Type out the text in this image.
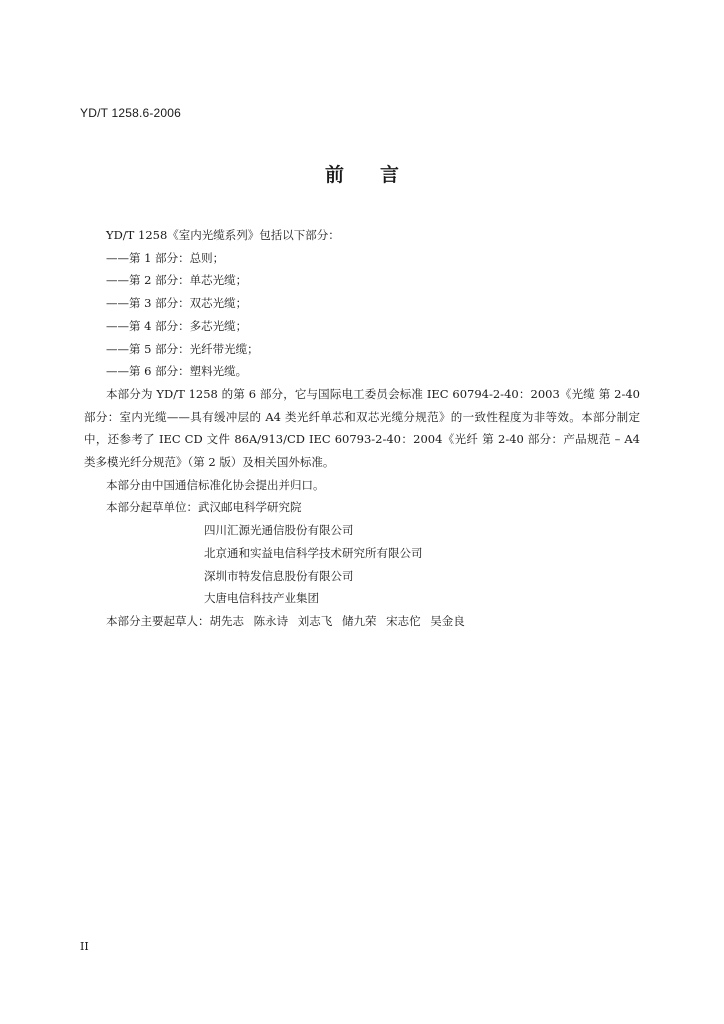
YD/T 1258.6-2006
前言
YD/T 1258《室内光缆系列》包括以下部分：
——第 1 部分：总则；
——第 2 部分：单芯光缆；
——第 3 部分：双芯光缆；
——第 4 部分：多芯光缆；
——第 5 部分：光纤带光缆；
——第 6 部分：塑料光缆。
本部分为 YD/T 1258 的第 6 部分，它与国际电工委员会标准 IEC 60794-2-40：2003《光缆 第 2-40 部分：室内光缆——具有缓冲层的 A4 类光纤单芯和双芯光缆分规范》的一致性程度为非等效。本部分制定中，还参考了 IEC CD 文件 86A/913/CD IEC 60793-2-40：2004《光纤 第 2-40 部分：产品规范 – A4 类多模光纤分规范》（第 2 版）及相关国外标准。
本部分由中国通信标准化协会提出并归口。
本部分起草单位：武汉邮电科学研究院
四川汇源光通信股份有限公司
北京通和实益电信科学技术研究所有限公司
深圳市特发信息股份有限公司
大唐电信科技产业集团
本部分主要起草人：胡先志 陈永诗 刘志飞 储九荣 宋志佗 吴金良
II
